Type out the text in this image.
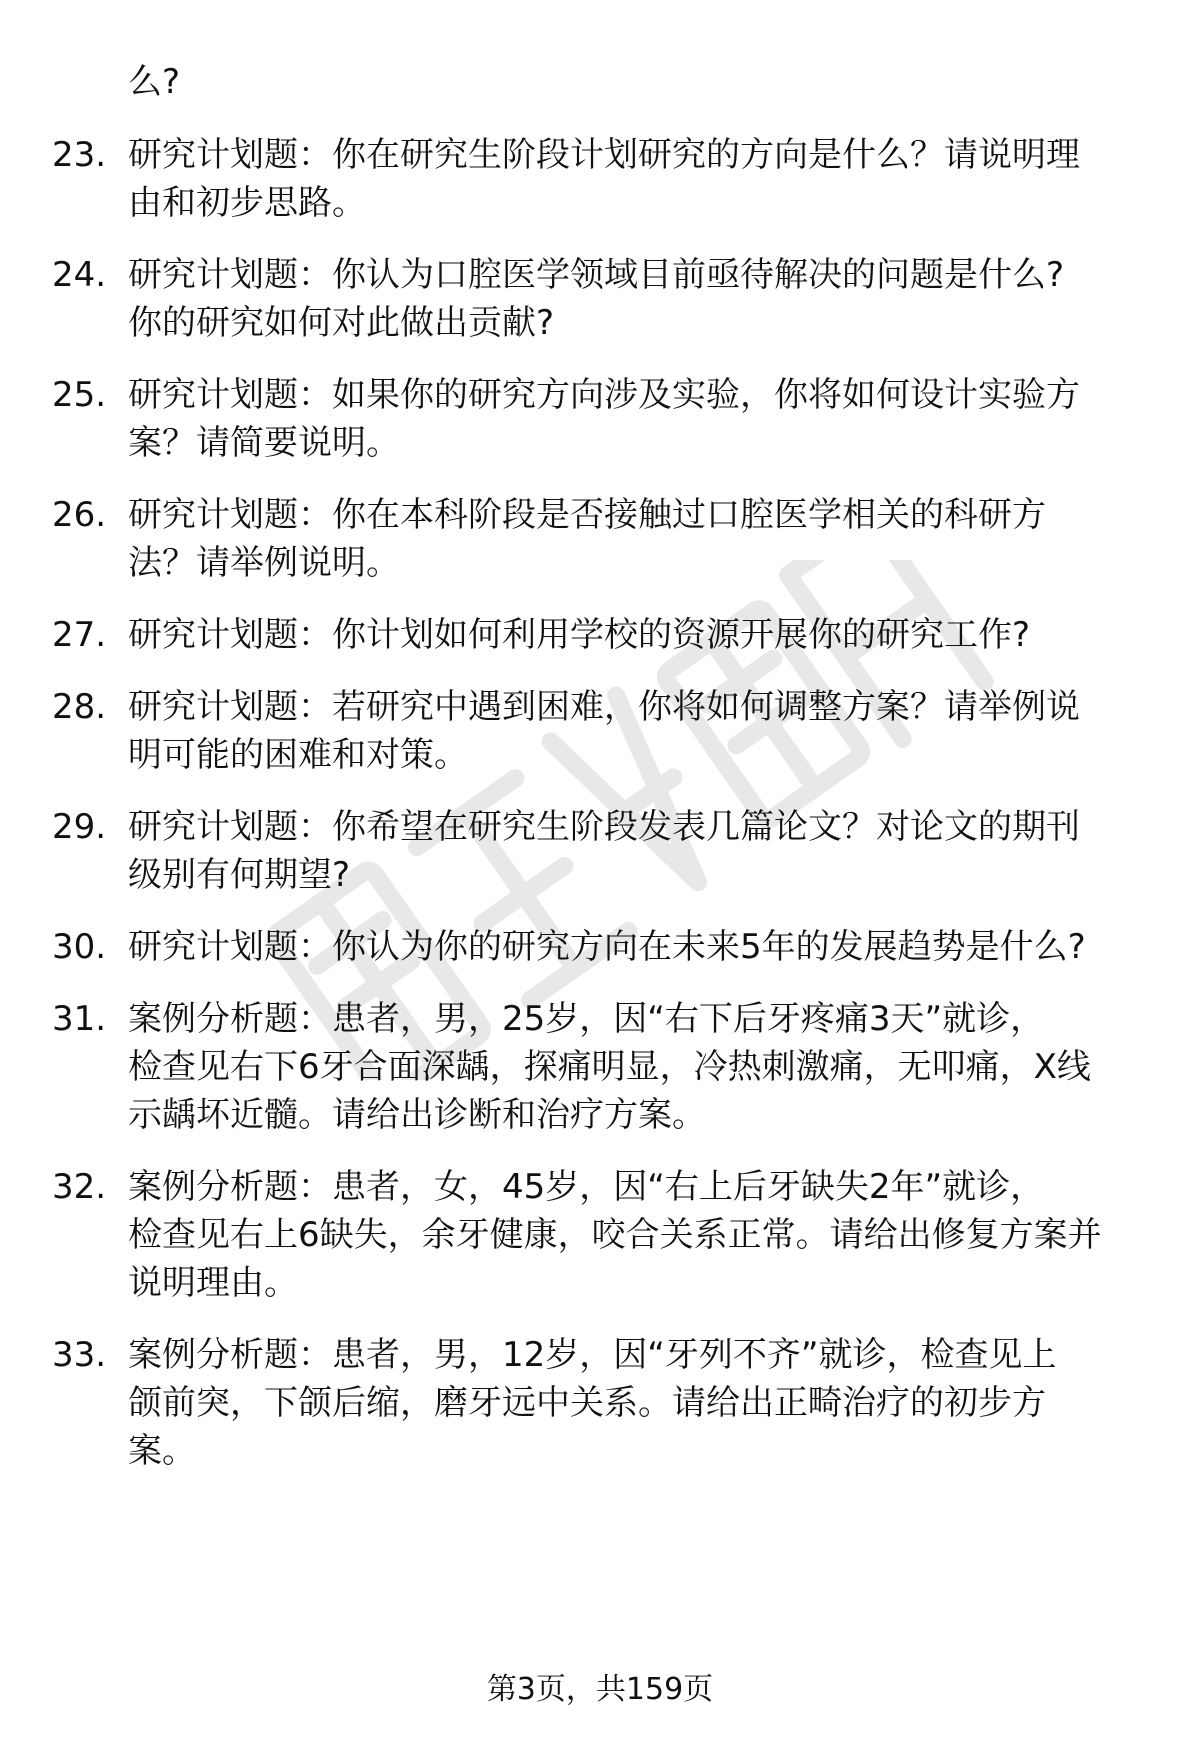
么?
23. 研究计划题：你在研究生阶段计划研究的方向是什么？请说明理
由和初步思路。
24. 研究计划题：你认为口腔医学领域目前亟待解决的问题是什么?
你的研究如何对此做出贡献?
25. 研究计划题：如果你的研究方向涉及实验，你将如何设计实验方
案？请简要说明。
26. 研究计划题：你在本科阶段是否接触过口腔医学相关的科研方
法？请举例说明。
27. 研究计划题：你计划如何利用学校的资源开展你的研究工作?
28. 研究计划题：若研究中遇到困难，你将如何调整方案？请举例说
明可能的困难和对策。
29. 研究计划题：你希望在研究生阶段发表几篇论文？对论文的期刊
级别有何期望?
30. 研究计划题：你认为你的研究方向在未来5年的发展趋势是什么?
31. 案例分析题：患者，男，25岁，因“右下后牙疼痛3天”就诊，
检查见右下6牙合面深龋，探痛明显，冷热刺激痛，无叩痛，X线
示龋坏近髓。请给出诊断和治疗方案。
32. 案例分析题：患者，女，45岁，因“右上后牙缺失2年”就诊，
检查见右上6缺失，余牙健康，咬合关系正常。请给出修复方案并
说明理由。
33. 案例分析题：患者，男，12岁，因“牙列不齐”就诊，检查见上
颌前突，下颌后缩，磨牙远中关系。请给出正畸治疗的初步方
案。
第3页，共159页
